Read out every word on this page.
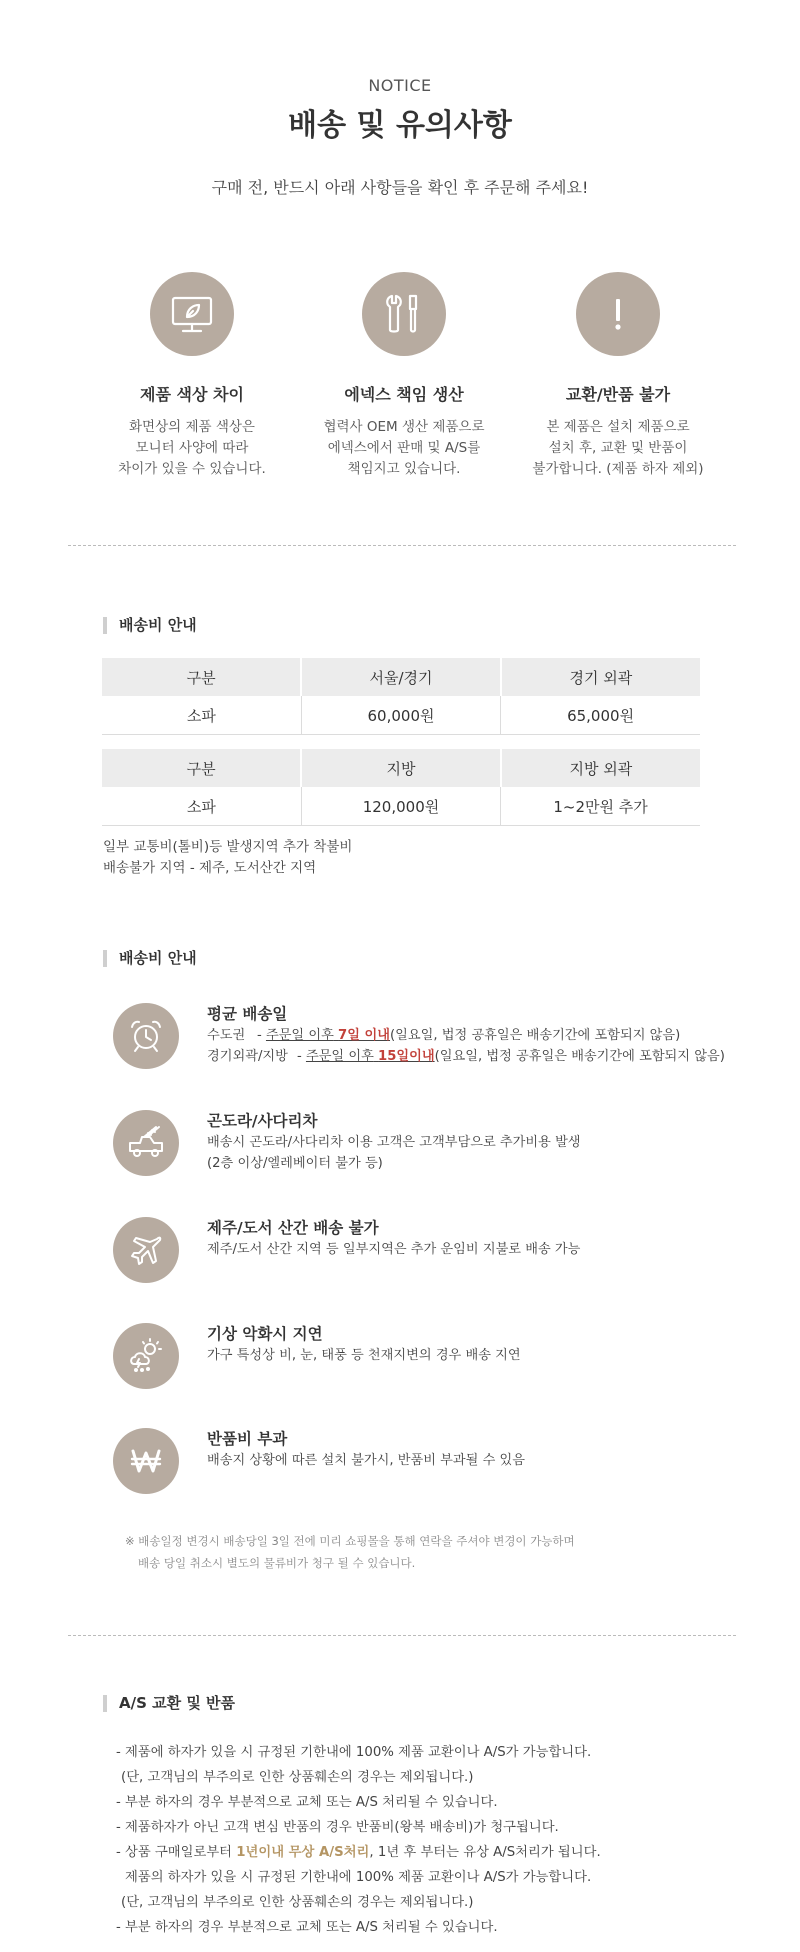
NOTICE
배송 및 유의사항
구매 전, 반드시 아래 사항들을 확인 후 주문해 주세요!
제품 색상 차이
화면상의 제품 색상은
모니터 사양에 따라
차이가 있을 수 있습니다.
에넥스 책임 생산
협력사 OEM 생산 제품으로
에넥스에서 판매 및 A/S를
책임지고 있습니다.
교환/반품 불가
본 제품은 설치 제품으로
설치 후, 교환 및 반품이
불가합니다. (제품 하자 제외)
배송비 안내
구분	서울/경기	경기 외곽
소파	60,000원	65,000원
구분	지방	지방 외곽
소파	120,000원	1~2만원 추가
일부 교통비(톨비)등 발생지역 추가 착불비
배송불가 지역 - 제주, 도서산간 지역
배송비 안내
평균 배송일
수도권 - 주문일 이후 7일 이내(일요일, 법정 공휴일은 배송기간에 포함되지 않음)
경기외곽/지방 - 주문일 이후 15일이내(일요일, 법정 공휴일은 배송기간에 포함되지 않음)
곤도라/사다리차
배송시 곤도라/사다리차 이용 고객은 고객부담으로 추가비용 발생
(2층 이상/엘레베이터 불가 등)
제주/도서 산간 배송 불가
제주/도서 산간 지역 등 일부지역은 추가 운임비 지불로 배송 가능
기상 악화시 지연
가구 특성상 비, 눈, 태풍 등 천재지변의 경우 배송 지연
반품비 부과
배송지 상황에 따른 설치 불가시, 반품비 부과될 수 있음
※ 배송일정 변경시 배송당일 3일 전에 미리 쇼핑몰을 통해 연락을 주셔야 변경이 가능하며
배송 당일 취소시 별도의 물류비가 청구 될 수 있습니다.
A/S 교환 및 반품
- 제품에 하자가 있을 시 규정된 기한내에 100% 제품 교환이나 A/S가 가능합니다.
(단, 고객님의 부주의로 인한 상품훼손의 경우는 제외됩니다.)
- 부분 하자의 경우 부분적으로 교체 또는 A/S 처리될 수 있습니다.
- 제품하자가 아닌 고객 변심 반품의 경우 반품비(왕복 배송비)가 청구됩니다.
- 상품 구매일로부터 1년이내 무상 A/S처리, 1년 후 부터는 유상 A/S처리가 됩니다.
제품의 하자가 있을 시 규정된 기한내에 100% 제품 교환이나 A/S가 가능합니다.
(단, 고객님의 부주의로 인한 상품훼손의 경우는 제외됩니다.)
- 부분 하자의 경우 부분적으로 교체 또는 A/S 처리될 수 있습니다.
